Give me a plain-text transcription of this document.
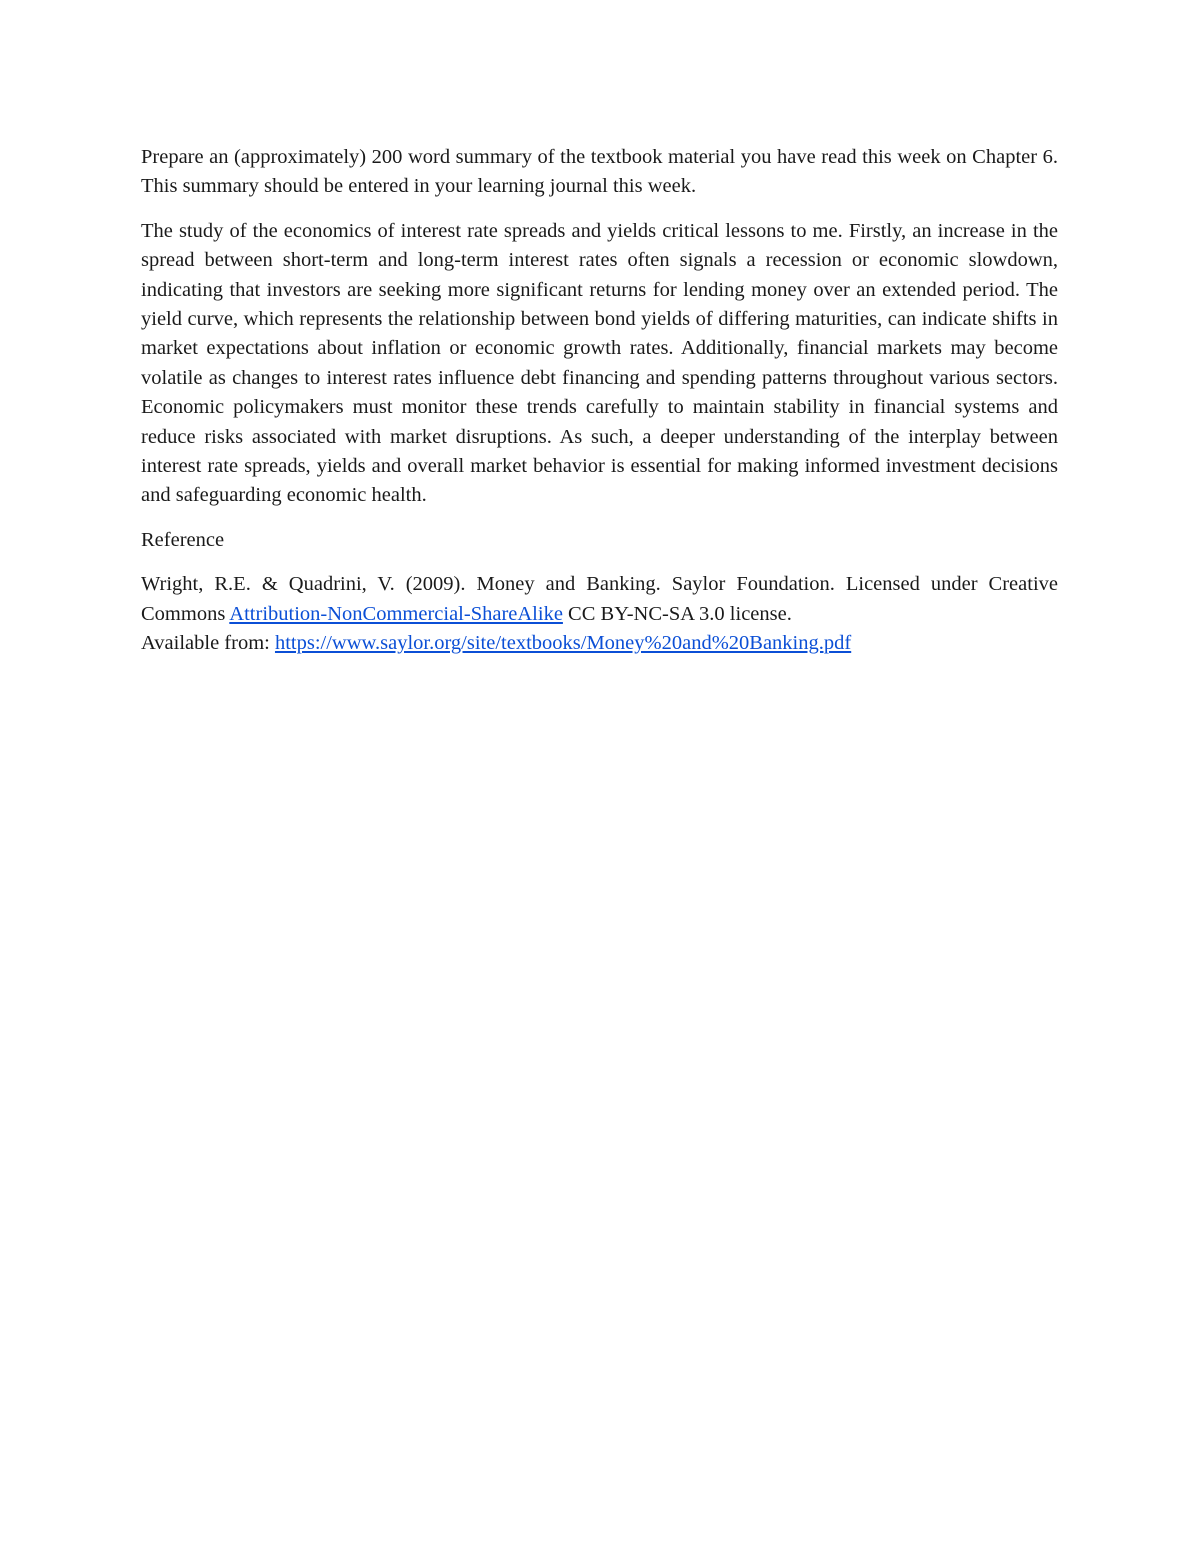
Prepare an (approximately) 200 word summary of the textbook material you have read this week on Chapter 6. This summary should be entered in your learning journal this week.

The study of the economics of interest rate spreads and yields critical lessons to me. Firstly, an increase in the spread between short-term and long-term interest rates often signals a recession or economic slowdown, indicating that investors are seeking more significant returns for lending money over an extended period. The yield curve, which represents the relationship between bond yields of differing maturities, can indicate shifts in market expectations about inflation or economic growth rates. Additionally, financial markets may become volatile as changes to interest rates influence debt financing and spending patterns throughout various sectors. Economic policymakers must monitor these trends carefully to maintain stability in financial systems and reduce risks associated with market disruptions. As such, a deeper understanding of the interplay between interest rate spreads, yields and overall market behavior is essential for making informed investment decisions and safeguarding economic health.

Reference

Wright, R.E. & Quadrini, V. (2009). Money and Banking. Saylor Foundation. Licensed under Creative Commons Attribution-NonCommercial-ShareAlike CC BY-NC-SA 3.0 license.
Available from: https://www.saylor.org/site/textbooks/Money%20and%20Banking.pdf
